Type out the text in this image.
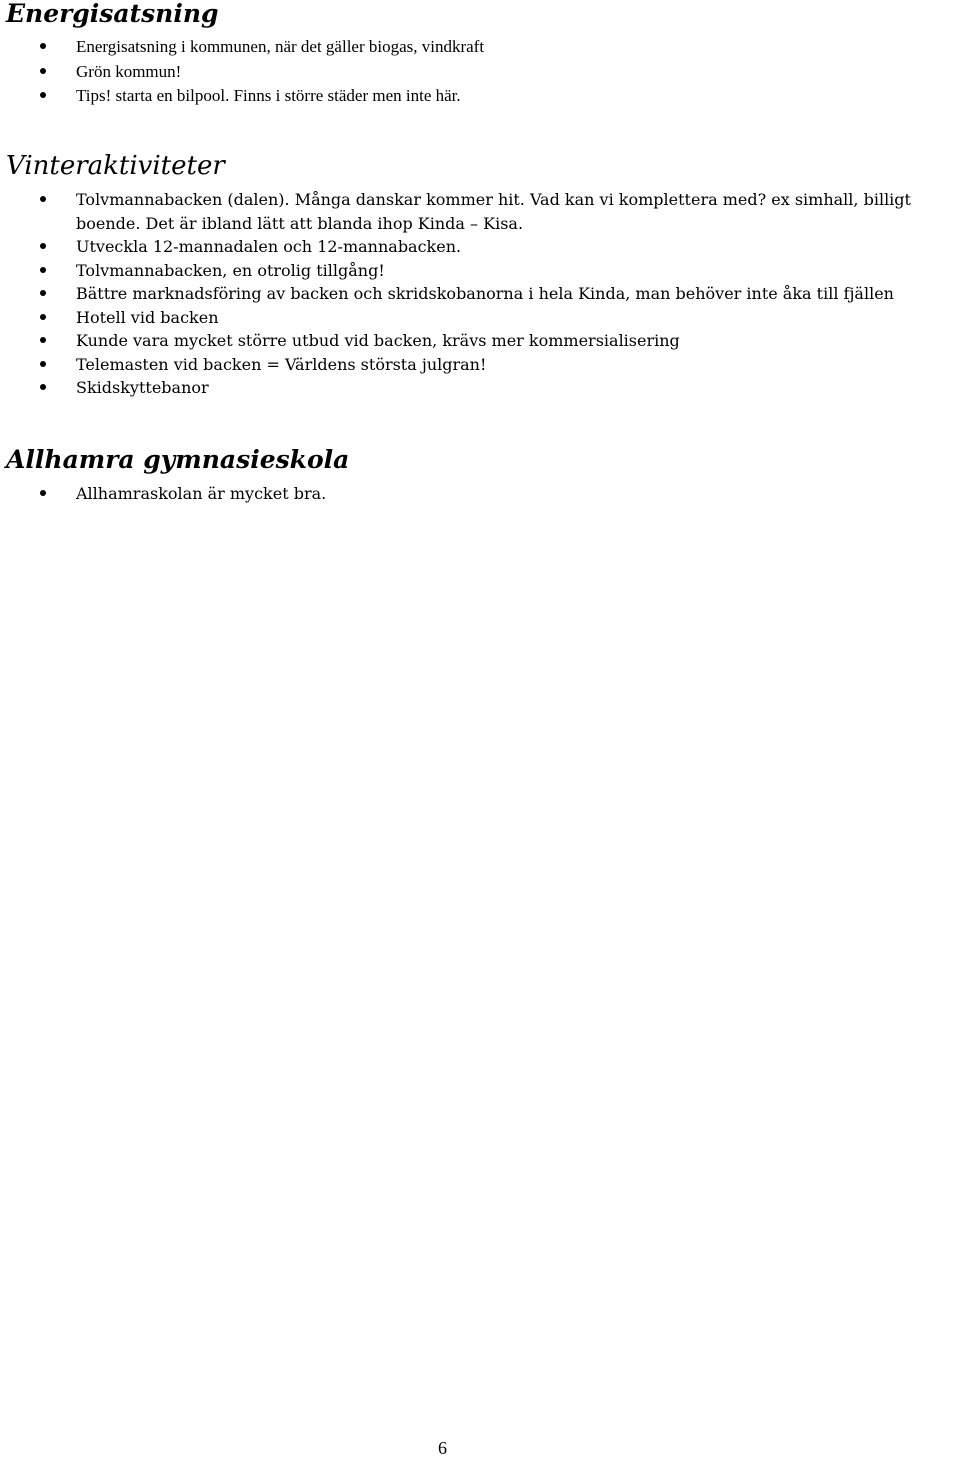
Energisatsning
Energisatsning i kommunen, när det gäller biogas, vindkraft
Grön kommun!
Tips! starta en bilpool. Finns i större städer men inte här.
Vinteraktiviteter
Tolvmannabacken (dalen). Många danskar kommer hit. Vad kan vi komplettera med? ex simhall, billigt boende. Det är ibland lätt att blanda ihop Kinda – Kisa.
Utveckla 12-mannadalen och 12-mannabacken.
Tolvmannabacken, en otrolig tillgång!
Bättre marknadsföring av backen och skridskobanorna i hela Kinda, man behöver inte åka till fjällen
Hotell vid backen
Kunde vara mycket större utbud vid backen, krävs mer kommersialisering
Telemasten vid backen = Världens största julgran!
Skidskyttebanor
Allhamra gymnasieskola
Allhamraskolan är mycket bra.
6
